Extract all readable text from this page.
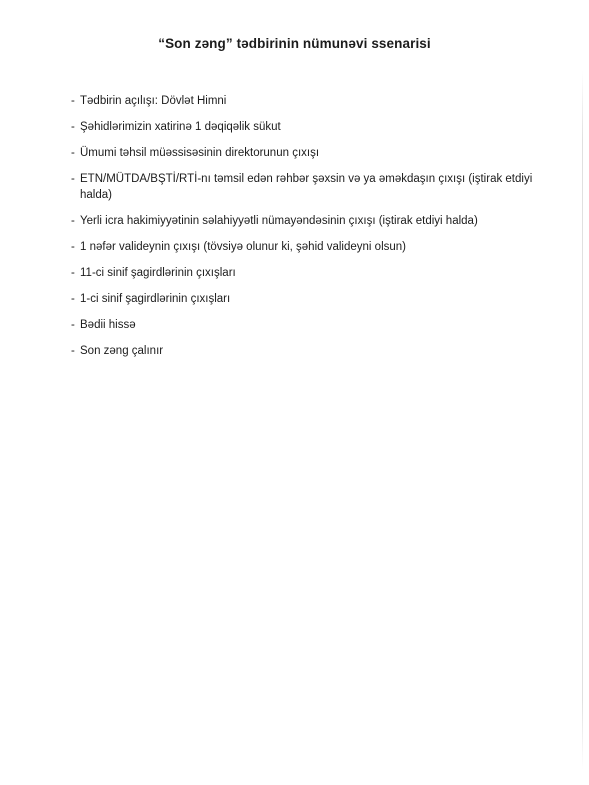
“Son zəng” tədbirinin nümunəvi ssenarisi
- Tədbirin açılışı: Dövlət Himni
- Şəhidlərimizin xatirinə 1 dəqiqəlik sükut
- Ümumi təhsil müəssisəsinin direktorunun çıxışı
- ETN/MÜTDA/BŞTİ/RTİ-nı təmsil edən rəhbər şəxsin və ya əməkdaşın çıxışı (iştirak etdiyi halda)
- Yerli icra hakimiyyətinin səlahiyyətli nümayəndəsinin çıxışı (iştirak etdiyi halda)
- 1 nəfər valideynin çıxışı (tövsiyə olunur ki, şəhid valideyni olsun)
- 11-ci sinif şagirdlərinin çıxışları
- 1-ci sinif şagirdlərinin çıxışları
- Bədii hissə
- Son zəng çalınır
